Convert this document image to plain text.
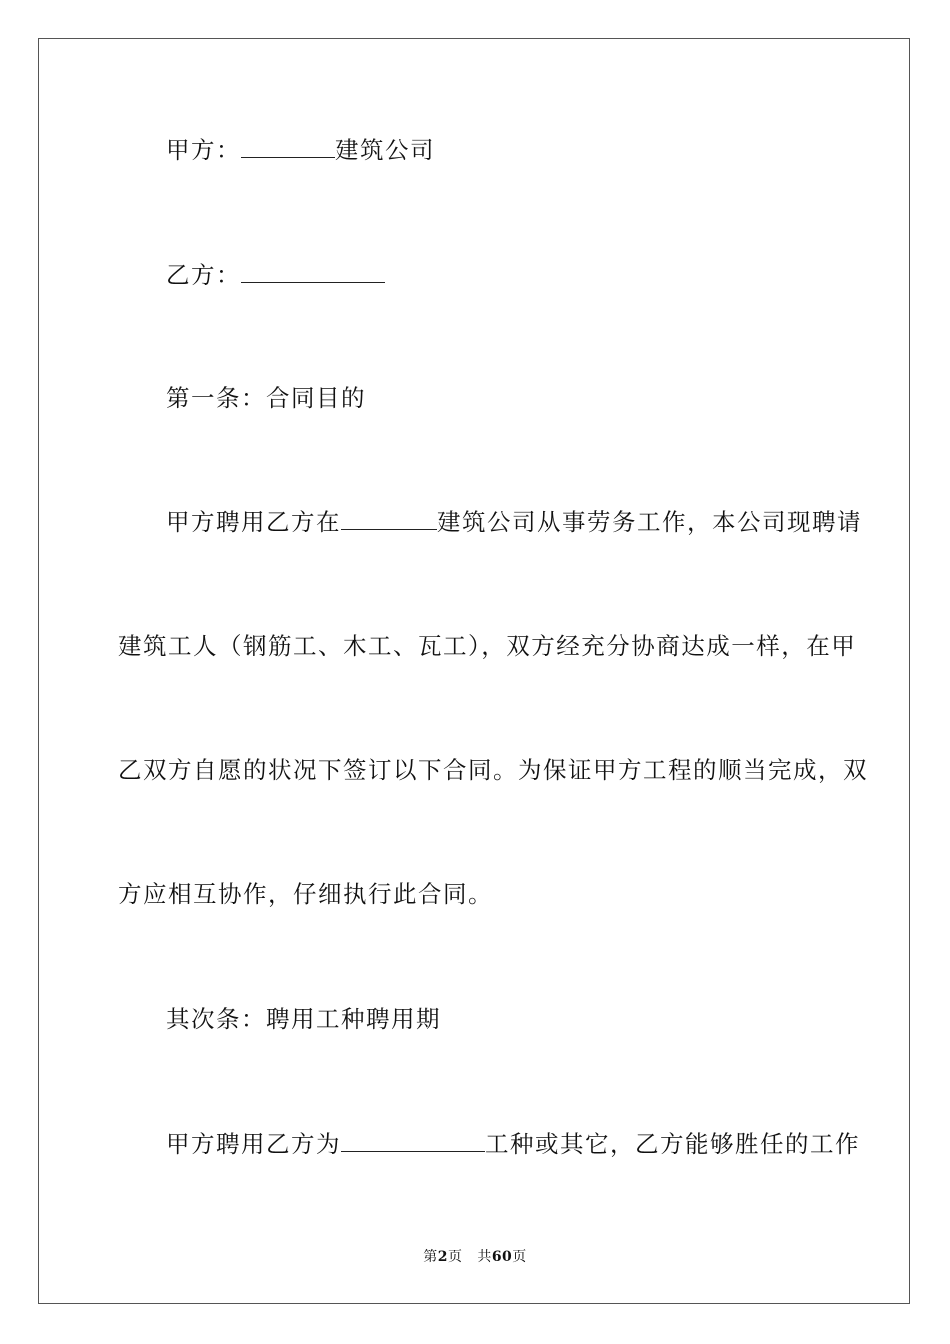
甲方：	建筑公司
乙方：
第一条：合同目的
甲方聘用乙方在	建筑公司从事劳务工作，本公司现聘请
建筑工人（钢筋工、木工、瓦工），双方经充分协商达成一样，在甲
乙双方自愿的状况下签订以下合同。为保证甲方工程的顺当完成，双
方应相互协作，仔细执行此合同。
其次条：聘用工种聘用期
甲方聘用乙方为	工种或其它，乙方能够胜任的工作
第2页 共60页
